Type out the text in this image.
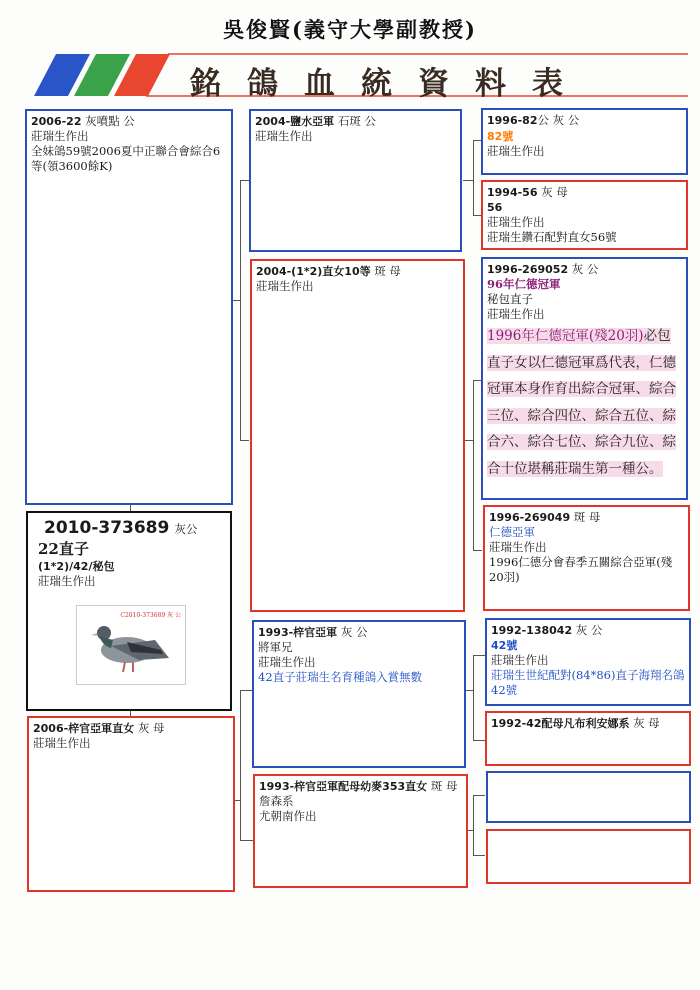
吳俊賢(義守大學副教授)
銘鴿血統資料表
2006-22 灰噴點 公
莊瑞生作出
全妹鴿59號2006夏中正聯合會綜合6等(領3600餘K)
2010-373689 灰公
22直子
(1*2)/42/秘包
莊瑞生作出
C2010-373689 灰 公
2006-梓官亞軍直女 灰 母
莊瑞生作出
2004-鹽水亞軍 石斑 公
莊瑞生作出
2004-(1*2)直女10等 斑 母
莊瑞生作出
1993-梓官亞軍 灰 公
將軍兄
莊瑞生作出
42直子莊瑞生名育種鴿入賞無數
1993-梓官亞軍配母幼麥353直女 斑 母
詹森系
尤朝南作出
1996-82公 灰 公
82號
莊瑞生作出
1994-56 灰 母
56
莊瑞生作出
莊瑞生鑽石配對直女56號
1996-269052 灰 公
96年仁德冠軍
秘包直子
莊瑞生作出
1996年仁德冠軍(殘20羽)必包直子女以仁德冠軍爲代表，仁德冠軍本身作育出綜合冠軍、綜合三位、綜合四位、綜合五位、綜合六、綜合七位、綜合九位、綜合十位堪稱莊瑞生第一種公。
1996-269049 斑 母
仁德亞軍
莊瑞生作出
1996仁德分會春季五關綜合亞軍(殘20羽)
1992-138042 灰 公
42號
莊瑞生作出
莊瑞生世紀配對(84*86)直子海翔名鴿42號
1992-42配母凡布利安娜系 灰 母
